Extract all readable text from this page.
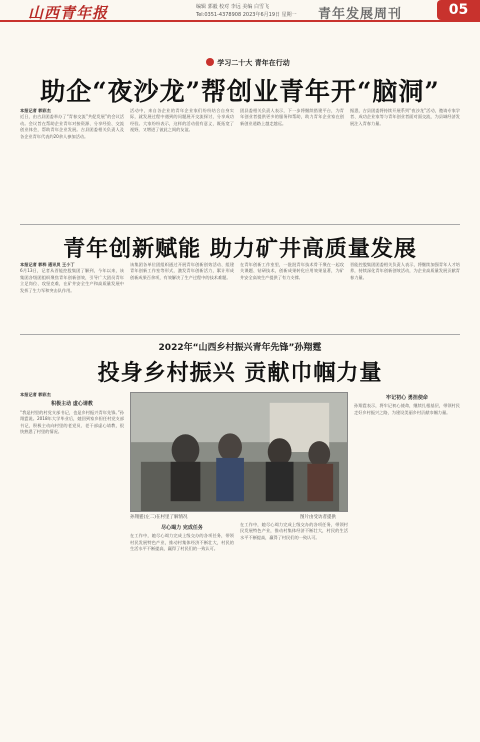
山西青年报	编辑 郭毅 校对 李远 美编 白雪飞
Tel:0351-4378908 2023年6月19日 星期一 青年发展周刊	05
学习二十大 青年在行动
助企“夜沙龙”帮创业青年开“脑洞”
本报记者 郭彩杰
近日，由吉县团委举办了“青春交流”共促发展”的会议活动。会议旨在帮助企业青年对接资源、分享经验、交流创业体会，帮助青年企业发展。吉县团委相关负责人及各企业青年代表约20余人参加活动。
活动中，来自各企业的青年企业家们纷纷结合自身实际，就发展过程中遇到的问题展开交流探讨，分享成功经验。大家纷纷表示，这样的活动很有意义，既拓宽了视野，又增进了彼此之间的友谊。
团县委相关负责人表示，下一步将继续搭建平台，为青年创业者提供更多的服务和帮助，助力青年企业家在创新创业道路上越走越远。
据悉，吉县团委将持续开展系列“夜沙龙”活动，邀请专家学者、成功企业家等与青年创业者面对面交流，为县域经济发展注入青春力量。
青年创新赋能 助力矿井高质量发展
本报记者 郭梓 通讯员 王小丁
6月13日，记者从晋能控股集团了解到，今年以来，该集团各级团组织聚焦青年创新创效，引导广大团员青年立足岗位、攻坚克难，在矿井安全生产和高质量发展中发挥了生力军和突击队作用。
该集团各单位团组织通过开展青年创新创效活动、组建青年创新工作室等形式，激发青年创新活力，累计形成创新成果百余项，有效解决了生产过程中的技术难题。
在青年创新工作室里，一批批青年技术骨干聚在一起攻关课题、钻研技术，创新成果转化应用效果显著，为矿井安全高效生产提供了有力支撑。
晋能控股集团团委相关负责人表示，将继续加强青年人才培养，持续深化青年创新创效活动，为企业高质量发展贡献青春力量。
2022年“山西乡村振兴青年先锋”孙翔霆
投身乡村振兴 贡献巾帼力量
本报记者 郭彩杰

积极主动 虚心请教
“我是村里的村党支部书记，也是乡村振兴青年先锋。”孙翔霆说。2018年大学毕业后，她回到家乡担任村党支部书记，积极主动向村里的老党员、老干部虚心请教，很快熟悉了村里的情况。
孙翔霆(左二)在村里了解情况	图片由受访者提供
尽心竭力 完成任务
在工作中，她尽心竭力完成上级交办的各项任务，带领村民发展特色产业，推动村集体经济不断壮大，村民的生活水平不断提高，赢得了村民们的一致认可。
在工作中，她尽心竭力完成上级交办的各项任务，带领村民发展特色产业，推动村集体经济不断壮大，村民的生活水平不断提高，赢得了村民们的一致认可。
牢记初心 勇担使命
孙翔霆表示，将牢记初心使命，继续扎根基层，带领村民走好乡村振兴之路，为建设美丽乡村贡献巾帼力量。
